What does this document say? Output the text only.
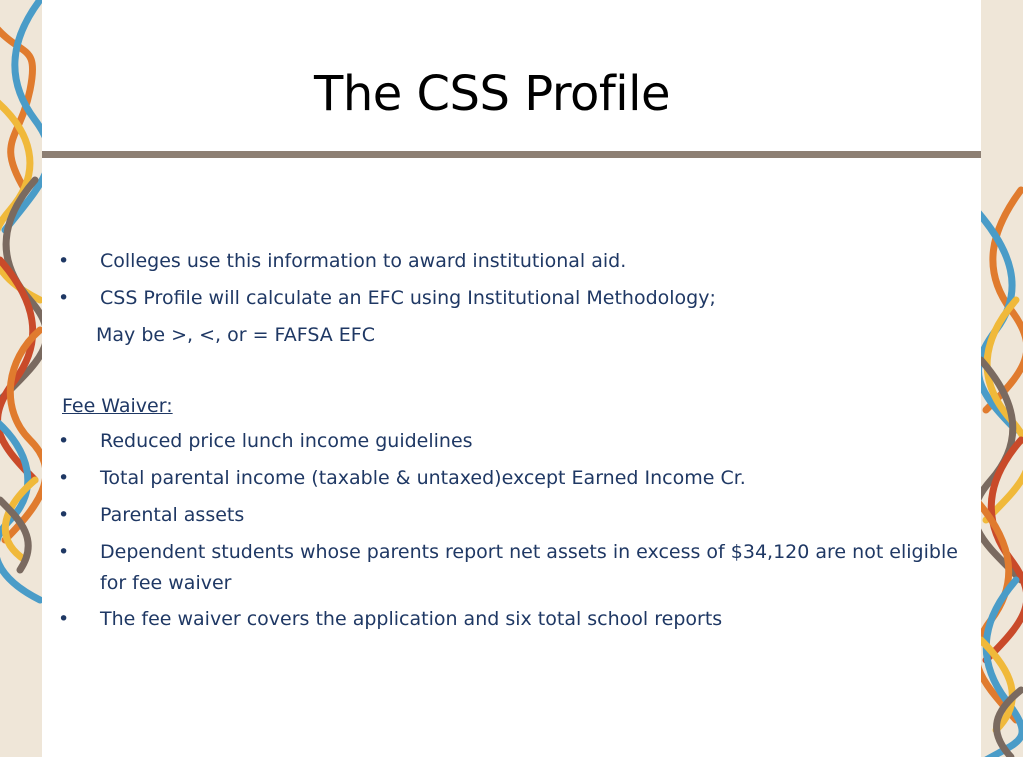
The CSS Profile
• Colleges use this information to award institutional aid.
• CSS Profile will calculate an EFC using Institutional Methodology;
May be >, <, or = FAFSA EFC
Fee Waiver:
• Reduced price lunch income guidelines
• Total parental income (taxable & untaxed)except Earned Income Cr.
• Parental assets
• Dependent students whose parents report net assets in excess of $34,120 are not eligible for fee waiver
• The fee waiver covers the application and six total school reports
